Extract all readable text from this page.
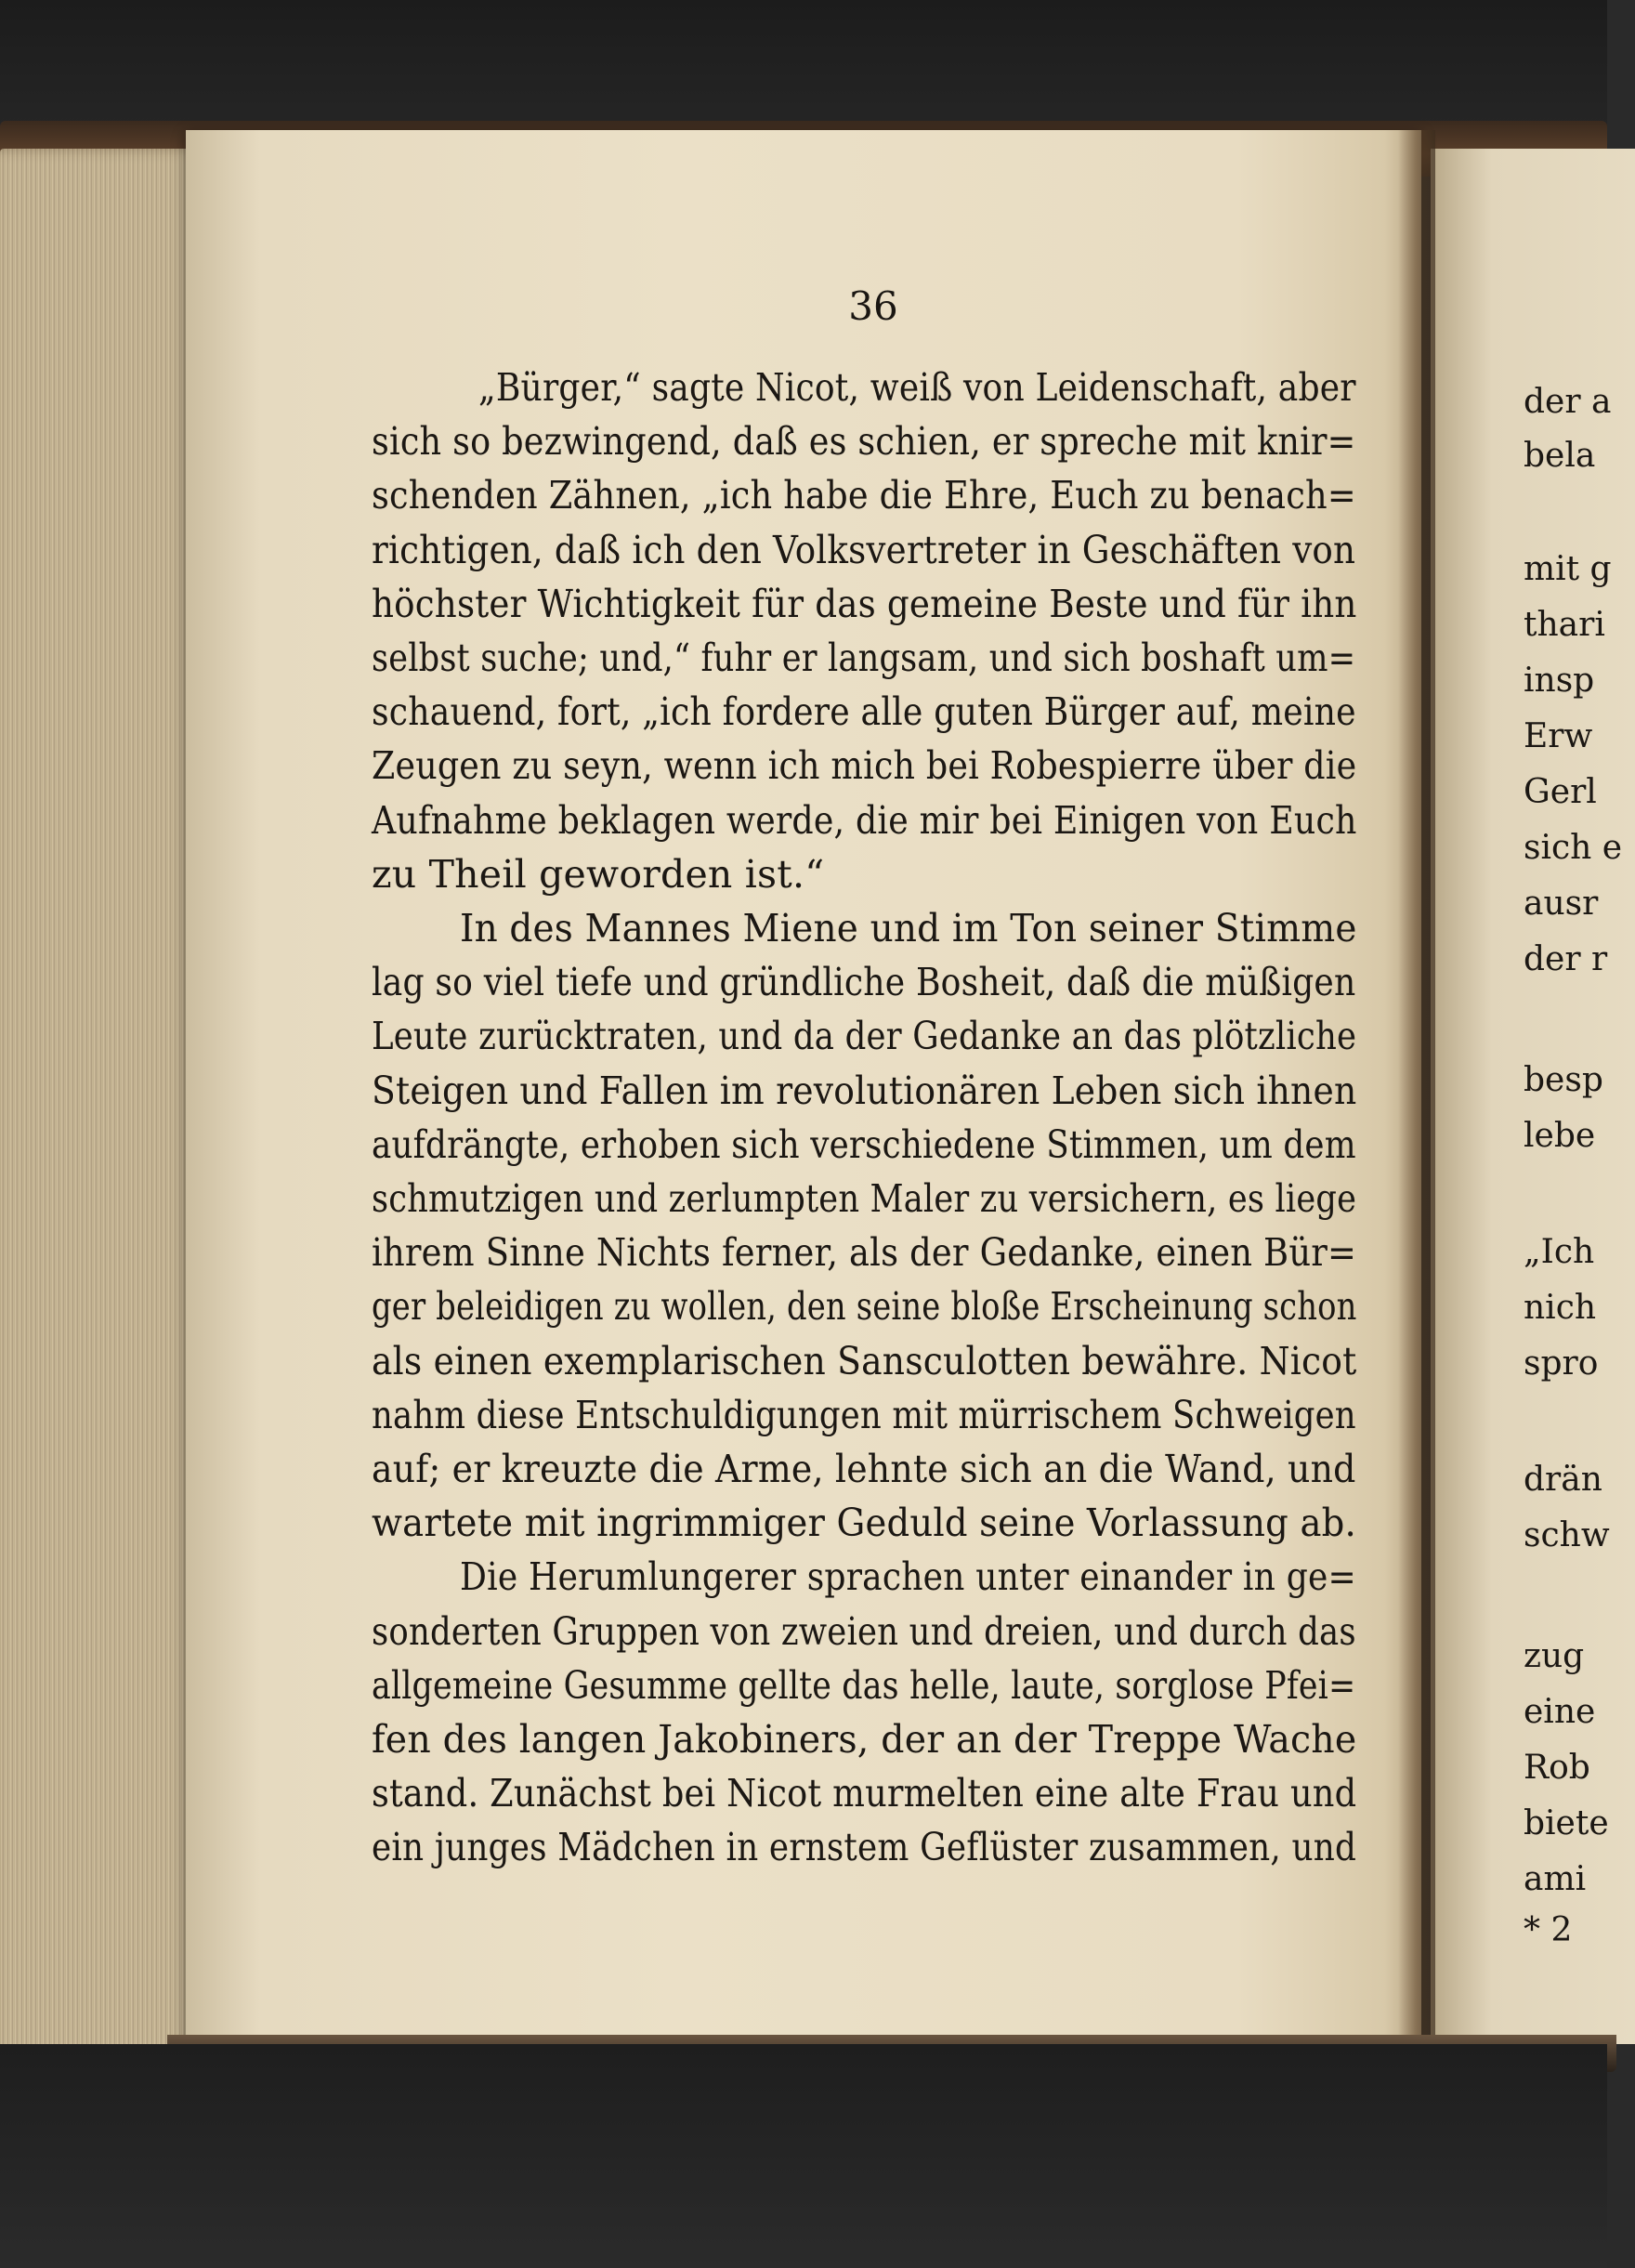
36
„Bürger,“ sagte Nicot, weiß von Leidenschaft, aber
sich so bezwingend, daß es schien, er spreche mit knir=
schenden Zähnen, „ich habe die Ehre, Euch zu benach=
richtigen, daß ich den Volksvertreter in Geschäften von
höchster Wichtigkeit für das gemeine Beste und für ihn
selbst suche; und,“ fuhr er langsam, und sich boshaft um=
schauend, fort, „ich fordere alle guten Bürger auf, meine
Zeugen zu seyn, wenn ich mich bei Robespierre über die
Aufnahme beklagen werde, die mir bei Einigen von Euch
zu Theil geworden ist.“
In des Mannes Miene und im Ton seiner Stimme
lag so viel tiefe und gründliche Bosheit, daß die müßigen
Leute zurücktraten, und da der Gedanke an das plötzliche
Steigen und Fallen im revolutionären Leben sich ihnen
aufdrängte, erhoben sich verschiedene Stimmen, um dem
schmutzigen und zerlumpten Maler zu versichern, es liege
ihrem Sinne Nichts ferner, als der Gedanke, einen Bür=
ger beleidigen zu wollen, den seine bloße Erscheinung schon
als einen exemplarischen Sansculotten bewähre. Nicot
nahm diese Entschuldigungen mit mürrischem Schweigen
auf; er kreuzte die Arme, lehnte sich an die Wand, und
wartete mit ingrimmiger Geduld seine Vorlassung ab.
Die Herumlungerer sprachen unter einander in ge=
sonderten Gruppen von zweien und dreien, und durch das
allgemeine Gesumme gellte das helle, laute, sorglose Pfei=
fen des langen Jakobiners, der an der Treppe Wache
stand. Zunächst bei Nicot murmelten eine alte Frau und
ein junges Mädchen in ernstem Geflüster zusammen, und
der a
bela
mit g
thari
insp
Erw
Gerl
sich e
ausr
der r
besp
lebe
„Ich
nich
spro
drän
schw
zug
eine
Rob
biete
ami
* 2
